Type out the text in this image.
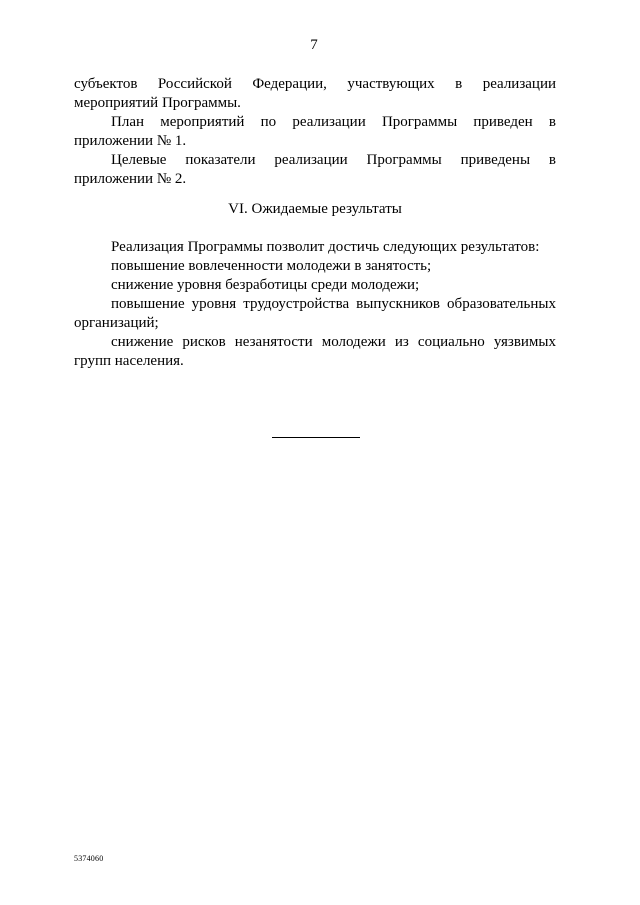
7

субъектов Российской Федерации, участвующих в реализации мероприятий Программы.

План мероприятий по реализации Программы приведен в приложении № 1.

Целевые показатели реализации Программы приведены в приложении № 2.

VI. Ожидаемые результаты

Реализация Программы позволит достичь следующих результатов:

повышение вовлеченности молодежи в занятость;

снижение уровня безработицы среди молодежи;

повышение уровня трудоустройства выпускников образовательных организаций;

снижение рисков незанятости молодежи из социально уязвимых групп населения.

5374060
